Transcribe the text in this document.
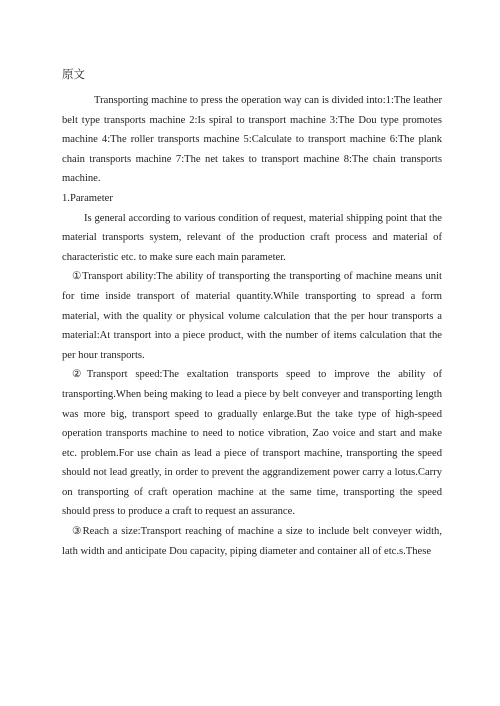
原文

Transporting machine to press the operation way can is divided into:1:The leather belt type transports machine 2:Is spiral to transport machine 3:The Dou type promotes machine 4:The roller transports machine 5:Calculate to transport machine 6:The plank chain transports machine 7:The net takes to transport machine 8:The chain transports machine.

1.Parameter

Is general according to various condition of request, material shipping point that the material transports system, relevant of the production craft process and material of characteristic etc. to make sure each main parameter.

①Transport ability:The ability of transporting the transporting of machine means unit for time inside transport of material quantity.While transporting to spread a form material, with the quality or physical volume calculation that the per hour transports a material:At transport into a piece product, with the number of items calculation that the per hour transports.

②Transport speed:The exaltation transports speed to improve the ability of transporting.When being making to lead a piece by belt conveyer and transporting length was more big, transport speed to gradually enlarge.But the take type of high-speed operation transports machine to need to notice vibration, Zao voice and start and make etc. problem.For use chain as lead a piece of transport machine, transporting the speed should not lead greatly, in order to prevent the aggrandizement power carry a lotus.Carry on transporting of craft operation machine at the same time, transporting the speed should press to produce a craft to request an assurance.

③Reach a size:Transport reaching of machine a size to include belt conveyer width, lath width and anticipate Dou capacity, piping diameter and container all of etc.s.These
